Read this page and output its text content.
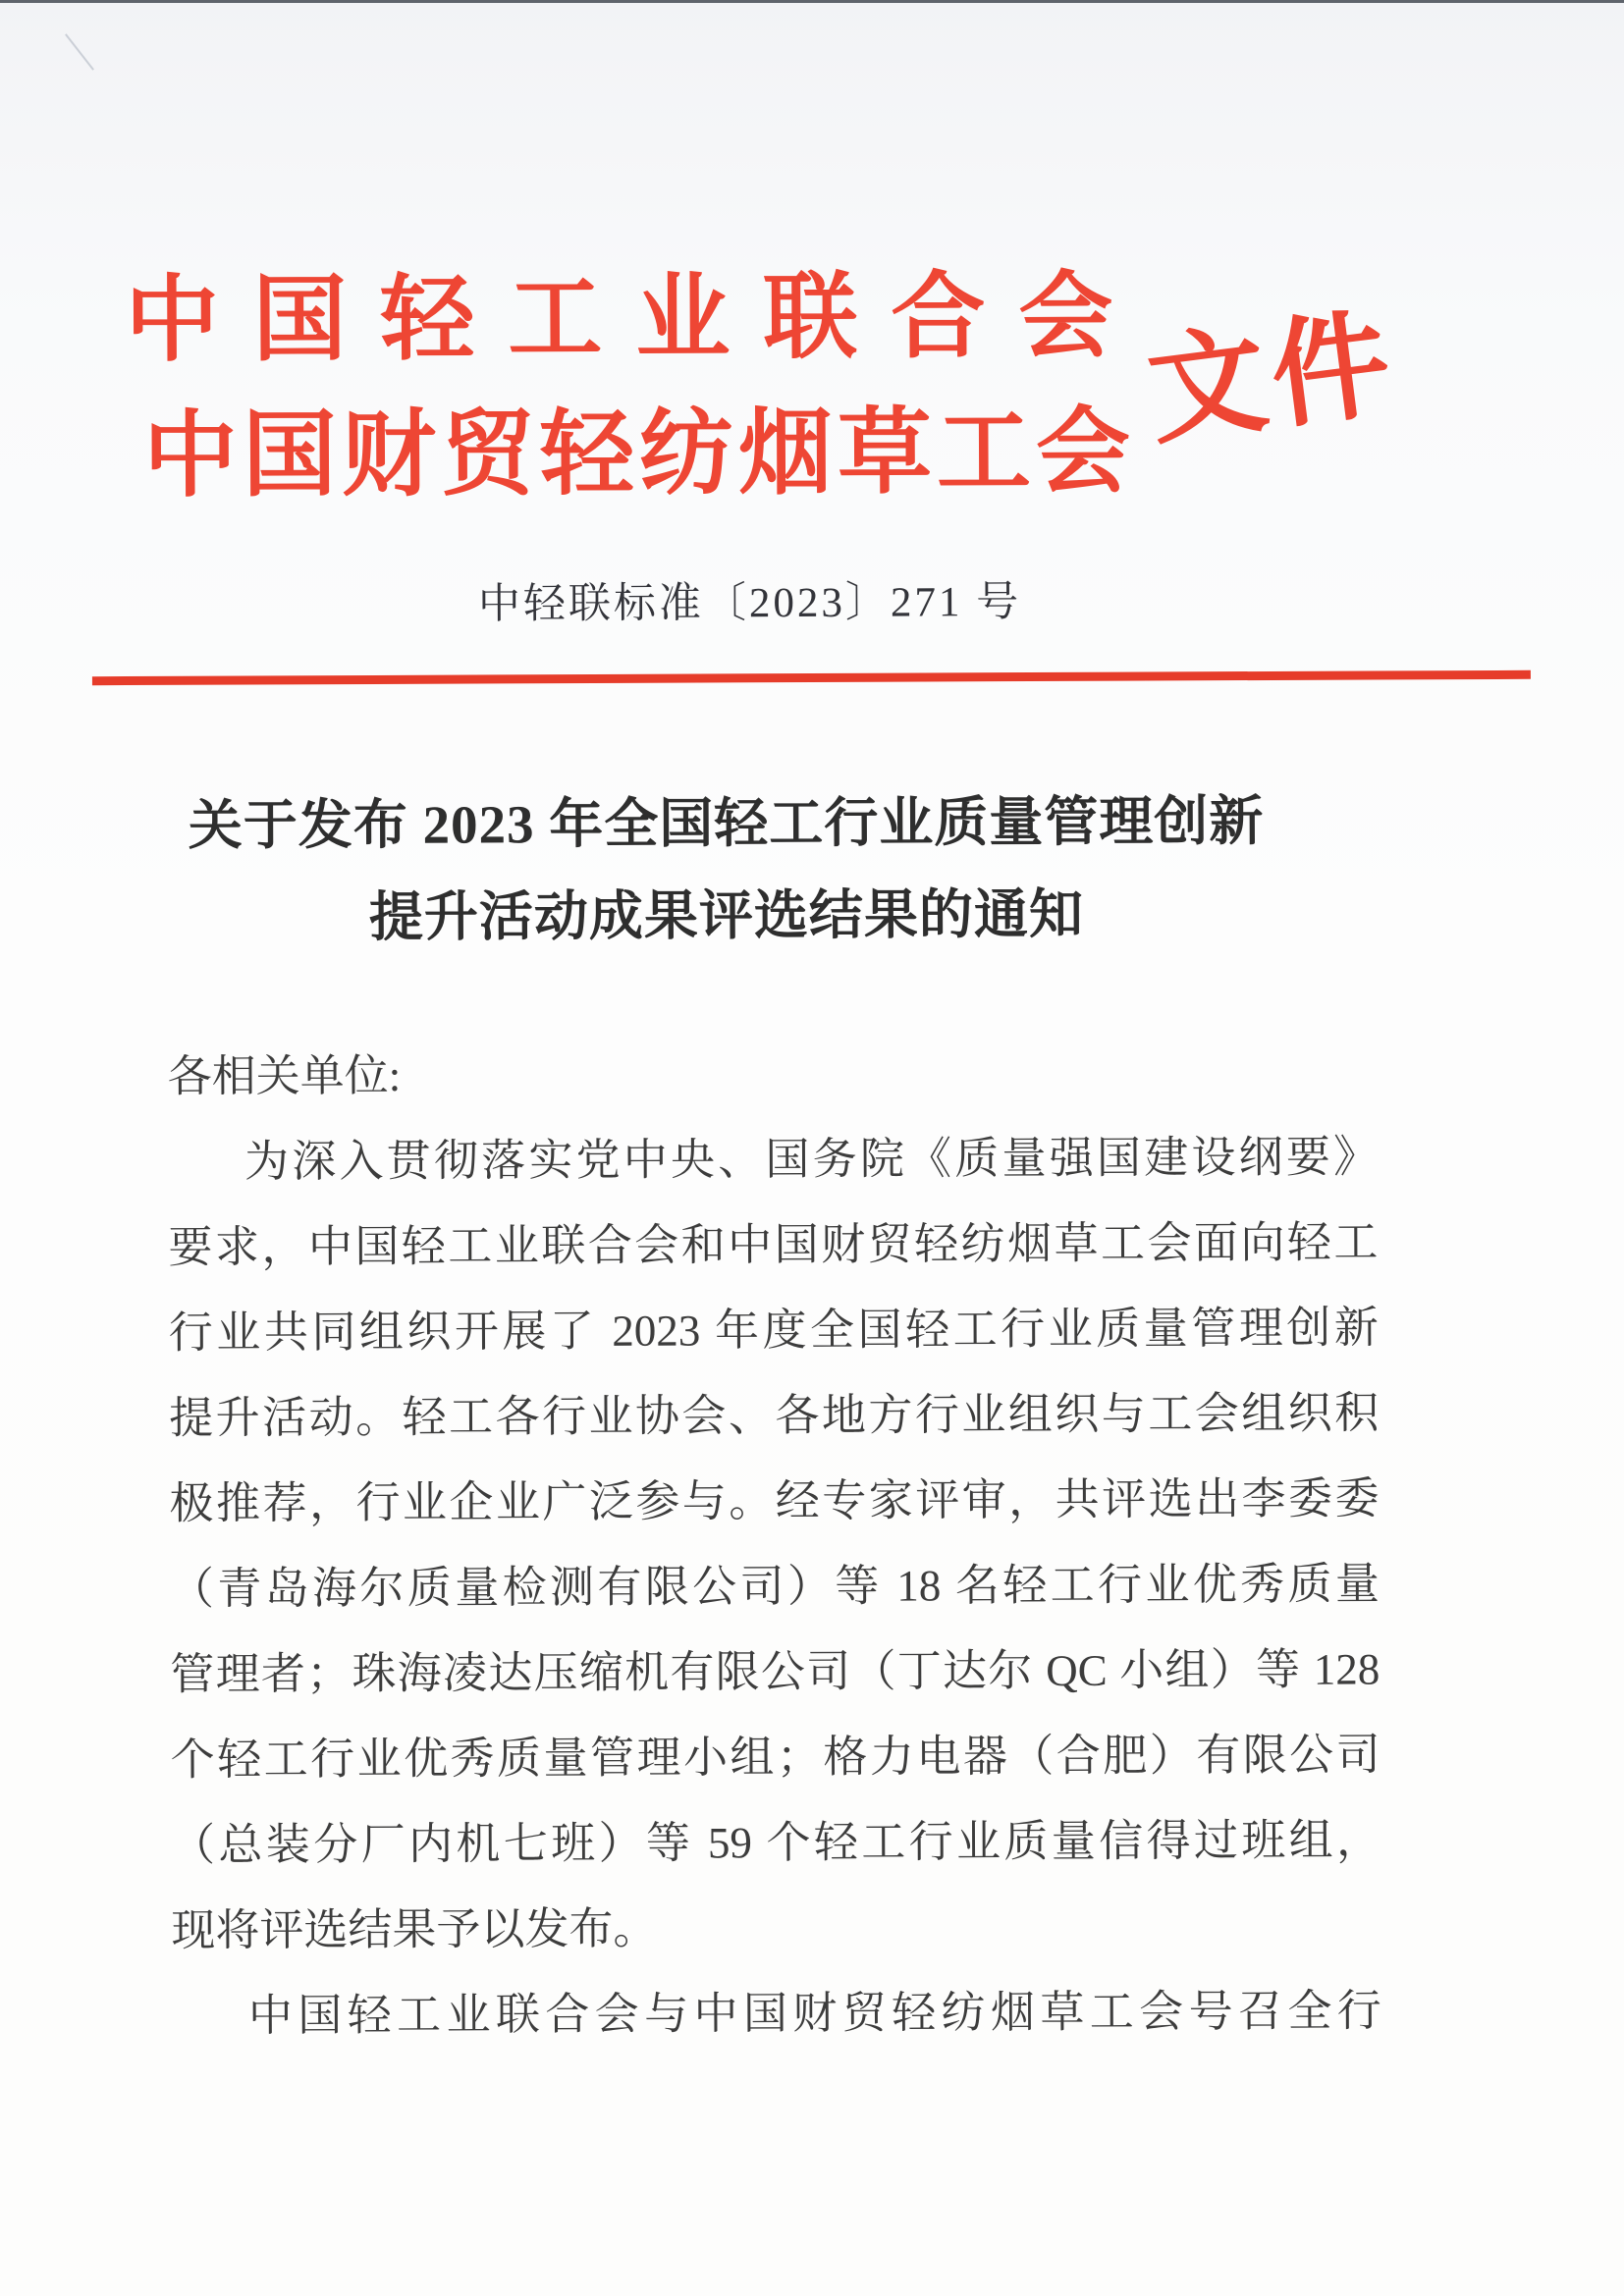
中国轻工业联合会
中国财贸轻纺烟草工会 文件
中轻联标准〔2023〕271 号
关于发布 2023 年全国轻工行业质量管理创新
提升活动成果评选结果的通知
各相关单位:
为深入贯彻落实党中央、国务院《质量强国建设纲要》
要求，中国轻工业联合会和中国财贸轻纺烟草工会面向轻工
行业共同组织开展了 2023 年度全国轻工行业质量管理创新
提升活动。轻工各行业协会、各地方行业组织与工会组织积
极推荐，行业企业广泛参与。经专家评审，共评选出李委委
（青岛海尔质量检测有限公司）等 18 名轻工行业优秀质量
管理者；珠海凌达压缩机有限公司（丁达尔 QC 小组）等 128
个轻工行业优秀质量管理小组；格力电器（合肥）有限公司
（总装分厂内机七班）等 59 个轻工行业质量信得过班组，
现将评选结果予以发布。
中国轻工业联合会与中国财贸轻纺烟草工会号召全行
